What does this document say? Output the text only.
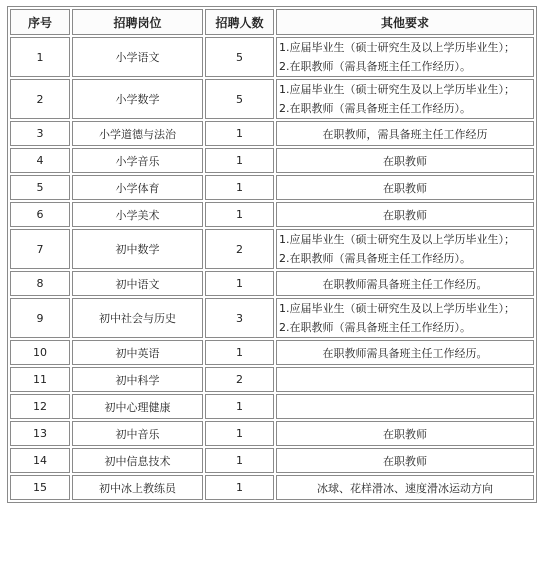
序号	招聘岗位	招聘人数	其他要求
1	小学语文	5	1.应届毕业生（硕士研究生及以上学历毕业生）；
2.在职教师（需具备班主任工作经历）。

2	小学数学	5	1.应届毕业生（硕士研究生及以上学历毕业生）；
2.在职教师（需具备班主任工作经历）。

3	小学道德与法治	1	在职教师，需具备班主任工作经历

4	小学音乐	1	在职教师

5	小学体育	1	在职教师

6	小学美术	1	在职教师

7	初中数学	2	1.应届毕业生（硕士研究生及以上学历毕业生）；
2.在职教师（需具备班主任工作经历）。

8	初中语文	1	在职教师需具备班主任工作经历。

9	初中社会与历史	3	1.应届毕业生（硕士研究生及以上学历毕业生）；
2.在职教师（需具备班主任工作经历）。

10	初中英语	1	在职教师需具备班主任工作经历。

11	初中科学	2	
12	初中心理健康	1	
13	初中音乐	1	在职教师

14	初中信息技术	1	在职教师

15	初中冰上教练员	1	冰球、花样滑冰、速度滑冰运动方向
